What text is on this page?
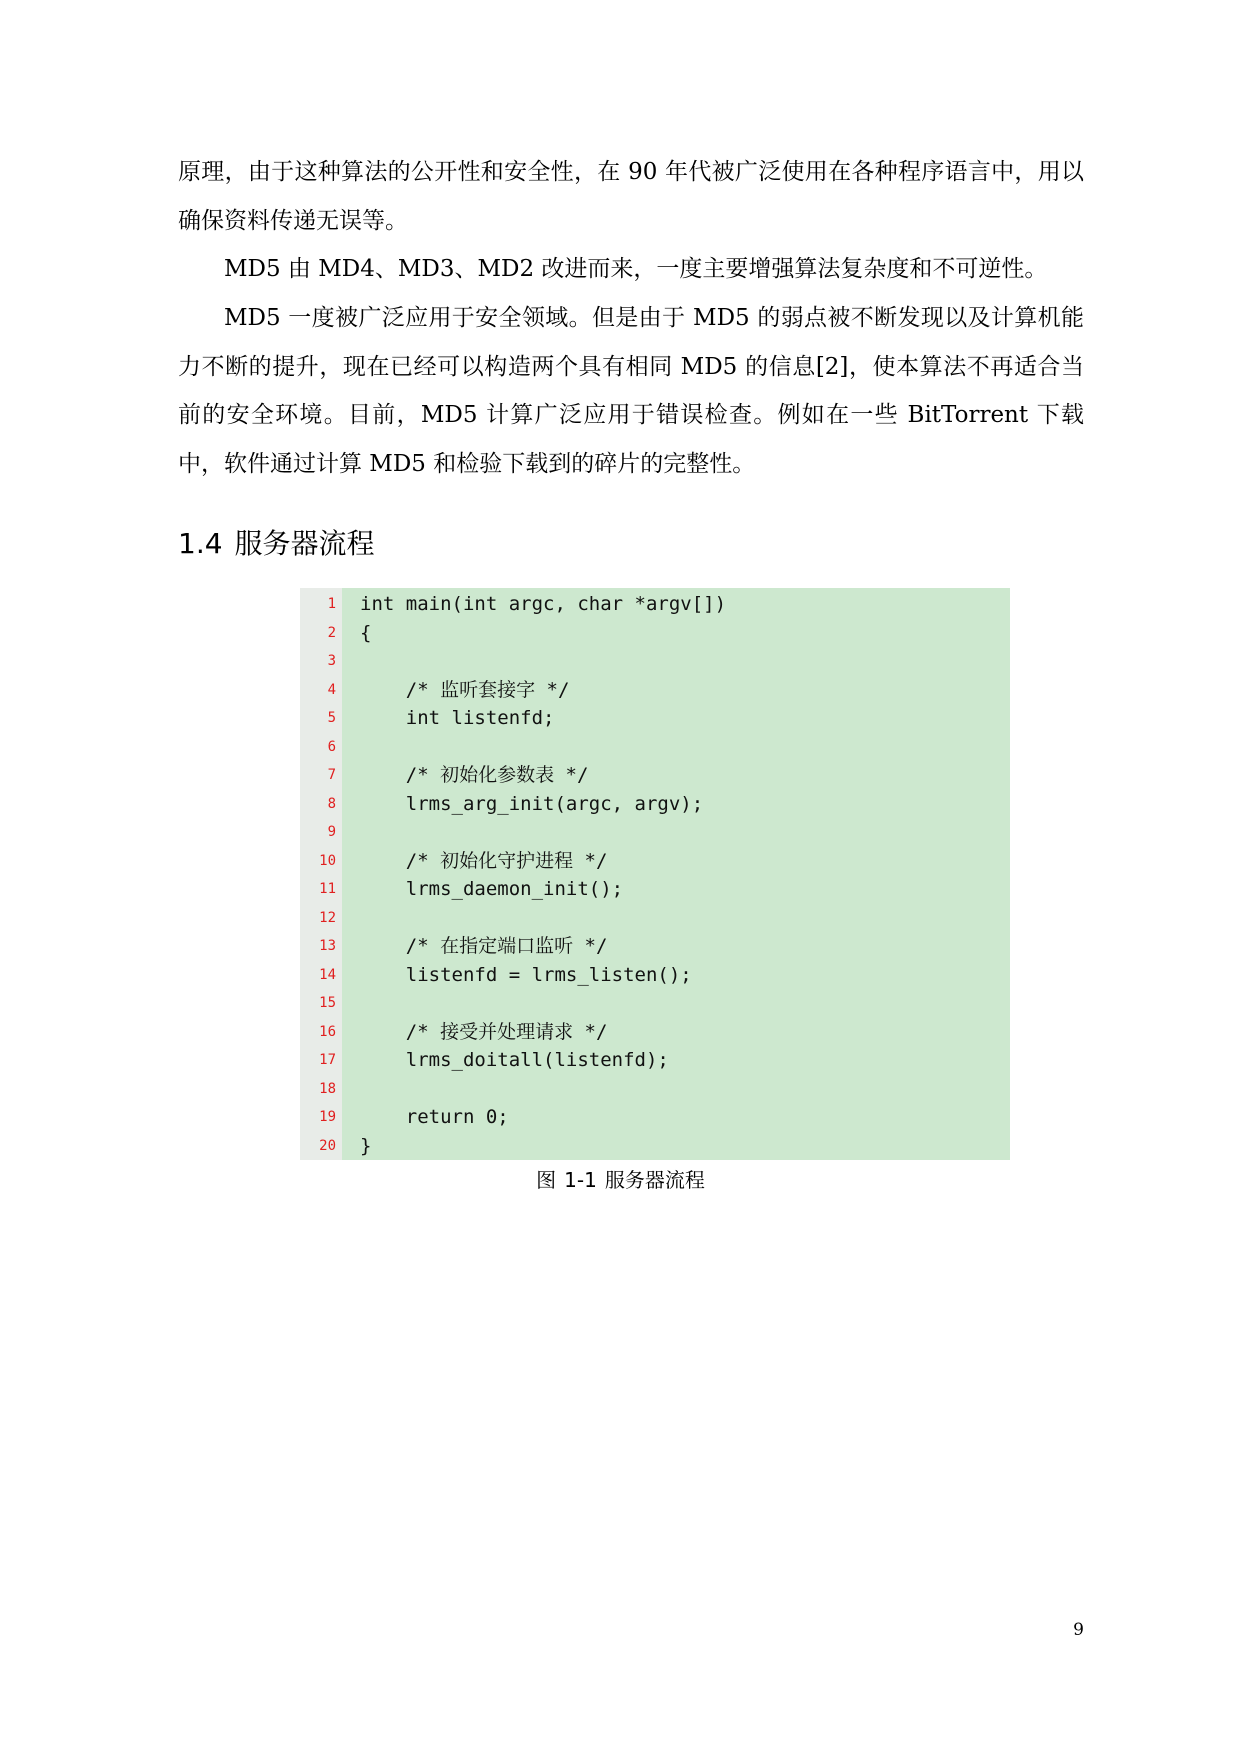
原理，由于这种算法的公开性和安全性，在 90 年代被广泛使用在各种程序语言中，用以确保资料传递无误等。

MD5 由 MD4、MD3、MD2 改进而来，一度主要增强算法复杂度和不可逆性。

MD5 一度被广泛应用于安全领域。但是由于 MD5 的弱点被不断发现以及计算机能力不断的提升，现在已经可以构造两个具有相同 MD5 的信息[2]，使本算法不再适合当前的安全环境。目前，MD5 计算广泛应用于错误检查。例如在一些 BitTorrent 下载中，软件通过计算 MD5 和检验下载到的碎片的完整性。

1.4 服务器流程
1
2
3
4
5
6
7
8
9
10
11
12
13
14
15
16
17
18
19
20
int main(int argc, char *argv[])
{
/* 监听套接字 */
int listenfd;
/* 初始化参数表 */
lrms_arg_init(argc, argv);
/* 初始化守护进程 */
lrms_daemon_init();
/* 在指定端口监听 */
listenfd = lrms_listen();
/* 接受并处理请求 */
lrms_doitall(listenfd);
return 0;
}

图 1-1 服务器流程

9
